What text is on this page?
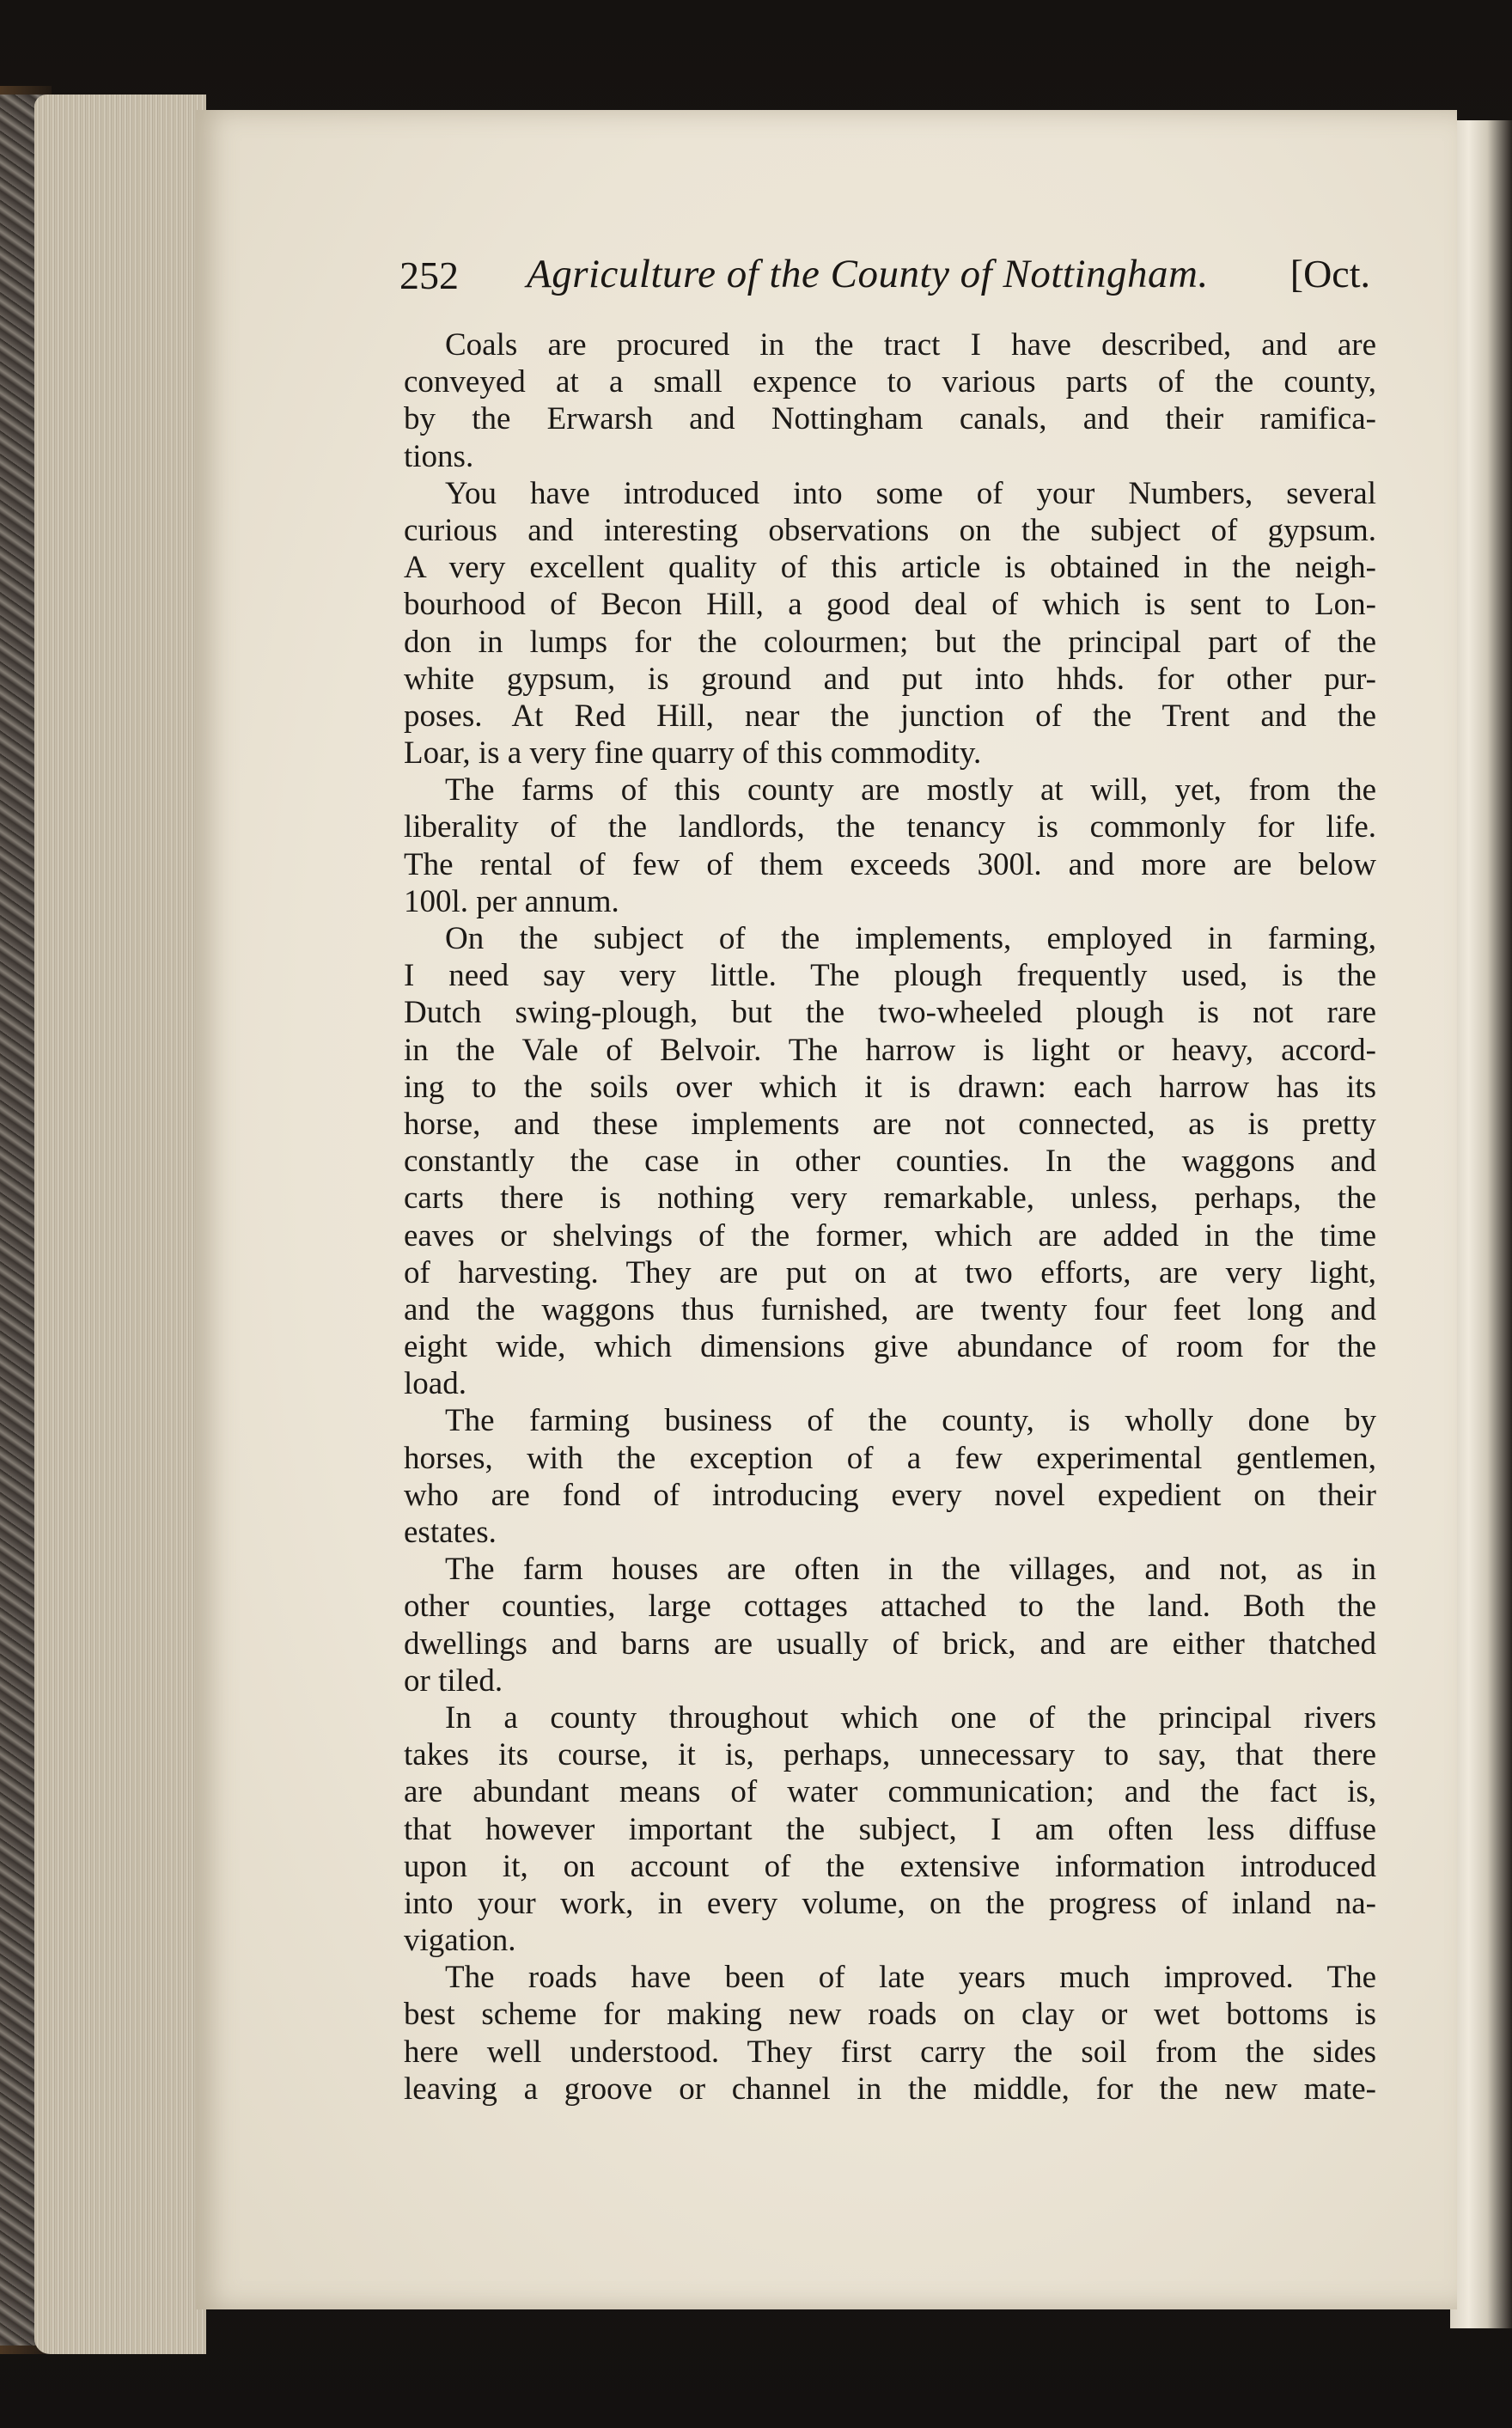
252 Agriculture of the County of Nottingham. [Oct.
Coals are procured in the tract I have described, and are
conveyed at a small expence to various parts of the county,
by the Erwarsh and Nottingham canals, and their ramifica-
tions.
You have introduced into some of your Numbers, several
curious and interesting observations on the subject of gypsum.
A very excellent quality of this article is obtained in the neigh-
bourhood of Becon Hill, a good deal of which is sent to Lon-
don in lumps for the colourmen; but the principal part of the
white gypsum, is ground and put into hhds. for other pur-
poses. At Red Hill, near the junction of the Trent and the
Loar, is a very fine quarry of this commodity.
The farms of this county are mostly at will, yet, from the
liberality of the landlords, the tenancy is commonly for life.
The rental of few of them exceeds 300l. and more are below
100l. per annum.
On the subject of the implements, employed in farming,
I need say very little. The plough frequently used, is the
Dutch swing-plough, but the two-wheeled plough is not rare
in the Vale of Belvoir. The harrow is light or heavy, accord-
ing to the soils over which it is drawn: each harrow has its
horse, and these implements are not connected, as is pretty
constantly the case in other counties. In the waggons and
carts there is nothing very remarkable, unless, perhaps, the
eaves or shelvings of the former, which are added in the time
of harvesting. They are put on at two efforts, are very light,
and the waggons thus furnished, are twenty four feet long and
eight wide, which dimensions give abundance of room for the
load.
The farming business of the county, is wholly done by
horses, with the exception of a few experimental gentlemen,
who are fond of introducing every novel expedient on their
estates.
The farm houses are often in the villages, and not, as in
other counties, large cottages attached to the land. Both the
dwellings and barns are usually of brick, and are either thatched
or tiled.
In a county throughout which one of the principal rivers
takes its course, it is, perhaps, unnecessary to say, that there
are abundant means of water communication; and the fact is,
that however important the subject, I am often less diffuse
upon it, on account of the extensive information introduced
into your work, in every volume, on the progress of inland na-
vigation.
The roads have been of late years much improved. The
best scheme for making new roads on clay or wet bottoms is
here well understood. They first carry the soil from the sides
leaving a groove or channel in the middle, for the new mate-
